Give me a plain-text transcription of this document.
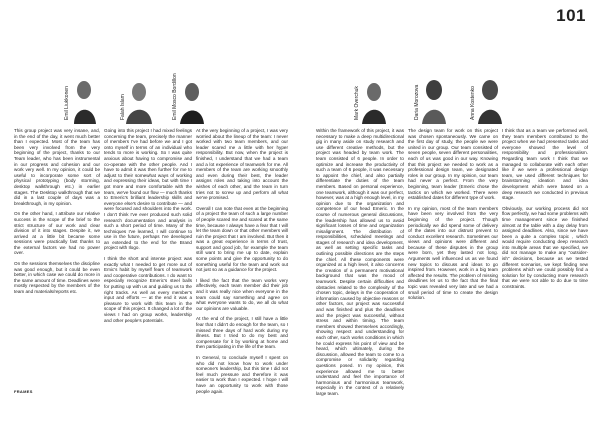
101
Emil Liukkonen	Falah Islam	Emil Mosco Bordillon	Mark Overchuk	Daria Morozova	Anna Kostenko

This group project was very insane, and, in the end of the day, it went much better than I expected. Most of the team has been very involved from the very beginning of the project, thanks to our Team leader, who has been instrumental in our progress and cohesion and our work very well. In my opinion, it could be useful to incorporate some sort of physical prototyping (body storming, desktop walkthrough etc.) in earlier stages. The Desktop walkthrough that we did in a last couple of days was a breakthrough, in my opinion.

On the other hand, I attribute our relative success in the scope of the brief to the strict structure of our work and clear division of it into stages. Despite it, we arrived at a little bit became some sessions were practically fast thanks to the external factors we had no power over.

On the sessions themselves the discipline was good enough, but it could be even better, in which case we could do more in the same amount of time. Deadlines were mostly respected by the members of the team and materials/reports etc.

Going into this project I had mixed feelings concerning the team, precisely the manner of members I've had before we and I got onto myself in terms of an individual who tends to more is working. So I was quite anxious about having to compromise and co-operate with the other people. And I have to admit it was then further for me to adjust to their somewhat ways of working and expressing their ideas, but with time I got more and more comfortable with the team, we've found our flow — much thanks to Emeric's brilliant leadership skills and everyone else's desire to contribute — and were focused and shoulders into the work. I don't think I've ever produced such solid research documentation and analysis in such a short period of time. Many of the techniques I've learned, I will continue to use in the future, perhaps I've developed an extended to the end for the Brand project with Ilogo.

I think the short and intense project was exactly what I needed to get more out of Emic's habit by myself fears of teamwork and cooperative contributions. I do want to especially recognize Emeric's steel balls for putting up with us and guiding us to the right tracks. As well as every member's input and efforts — at the end it was a pleasure to work with this team in the scope of this project. It changed a lot of the views I had on group works, leadership and other people's potentials.

At the very beginning of a project, I was very worried about the lineup of the team: I never worked with two team members, and our leader scared me a little with her hyper responsibility. But now, when the project is finished, I understand that we had a team and a lot experience of teamwork for me. All members of the team are working smoothly and even during their best, the leader assigns roles and taking into account the wishes of each other, and the team in turn tries not to screw up and perform all what we've promised.

Overall I can note that even at the beginning of a project the team of such a large number of people scared me and scared at the same time, because I always have a fear that I will let the team down or that other members will ruin the project that I am involved. But then it was a great experience in terms of trust, support and good job, for example the team still want to bring me up to date, explain some points and give the opportunity to do something useful for the team and work out not just so as a guidance for the project.

I liked the fact that the team works very affectively, each team member did their job and it was really nice when everyone in the team could say something and agree on what everyone wants to do, we all do what our opinions are valuable.

At the end of the project, I still have a little fear that I didn't do enough for the team, so I missed three days of hard work during my illness. But I tried to do my best and compensate for it by working at home and then participating in the life of the team.

In General, to conclude myself I spent on who did not know how to work under someone's leadership, but this time I did not feel much pressure and therefore it was easier to work than I expected. I hope I will have an opportunity to work with those people again.

Within the framework of this project, it was necessary to make a deep multidirectional gig in many aside on study research and use different creative methods, but the project was headed by team work. The team consisted of 6 people. In order to optimize and increase the productivity of such a team of 6 people, it was necessary to appoint the chief, and also partially differentiate the duties of the team members. Based on personal experience, one teamwork, although it was our perfect, however, was at a high enough level, in my opinion due to the organization and competence of our head Emeric. In the course of numerous general discussions, the leadership has allowed us to avoid significant losses of time and organization misalignment. The distribution of responsibilities, scheduled meetings and stages of research and idea development, as well as setting specific tasks and outlining possible directions are the steps the chief. All these components were organized at a high level, it also concerns the creation of a permanent motivational background that was the mood of teamwork. Despite certain difficulties and obstacles related to the complexity of the chosen topic, delays in the cooperation of information caused by objective reasons or other factors, our project was successful and was finished and plus the deadlines and the project was successful, without stress and within timing. The team members showed themselves accordingly, showing respect and understanding for each other, such works conditions in which he could express his point of view and be heard, which ultimately, during the discussion, allowed the team to come to a compromise or solidarity regarding questions posed. In my opinion, this experience allowed me to better understand and feel the importance of harmonious and harmonious teamwork, especially in the context of a relatively large team.

The design team for work on this project was chosen spontaneously. We came on the first day of study, the people we were united in our group. Our team consisted of seven people, seven different personalities, each of us was good in our way. Knowing that this project we needed to work as a professional design team, we designated roles in our group. In my opinion, our team had never a perfect. From the very beginning, team leader (Emeric chose the tactics on which we worked. There were established dates for different type of work.

In my opinion, most of the team members have been very involved from the very beginning of the project. Though periodically we did spend some of delivery of the dates into our distrust prevent to conduct excellent research. Sometimes our views and opinions were different and because of these disputes in the group were born, yet they lasted not long. Arguments well influenced us as we found new topics to discuss and ideas to go inspired from. However, work in a big team affected the results. The problem of missing deadlines let us to the fact that the final topic was revealed very late and we had a small period of time to create the design solution.

I think that as a team we performed well, they team members contributed to the project when we had presented tasks and everyone showed the level of responsibility and professionalism. Regarding team work I think that we managed to collaborate with each other like if we were a professional design team, we used different techniques for brainstorming ideation and idea development which were based on a deep research we conducted in previous stage.

Obviously, our working process did not flow perfectly, we had some problems with time management since we finished almost at the table with a day delay from assigned deadlines. Also, since we have been a quite a complex topic , which would require conducting deep research into multiple areas that we specified, we did not manage to make any "outsider-ish" decisions, because as we tested different scenarios, we kept finding new problems which we could possibly find a solution for by conducting more research that we were not able to do due to time constraints.

FRAMES
